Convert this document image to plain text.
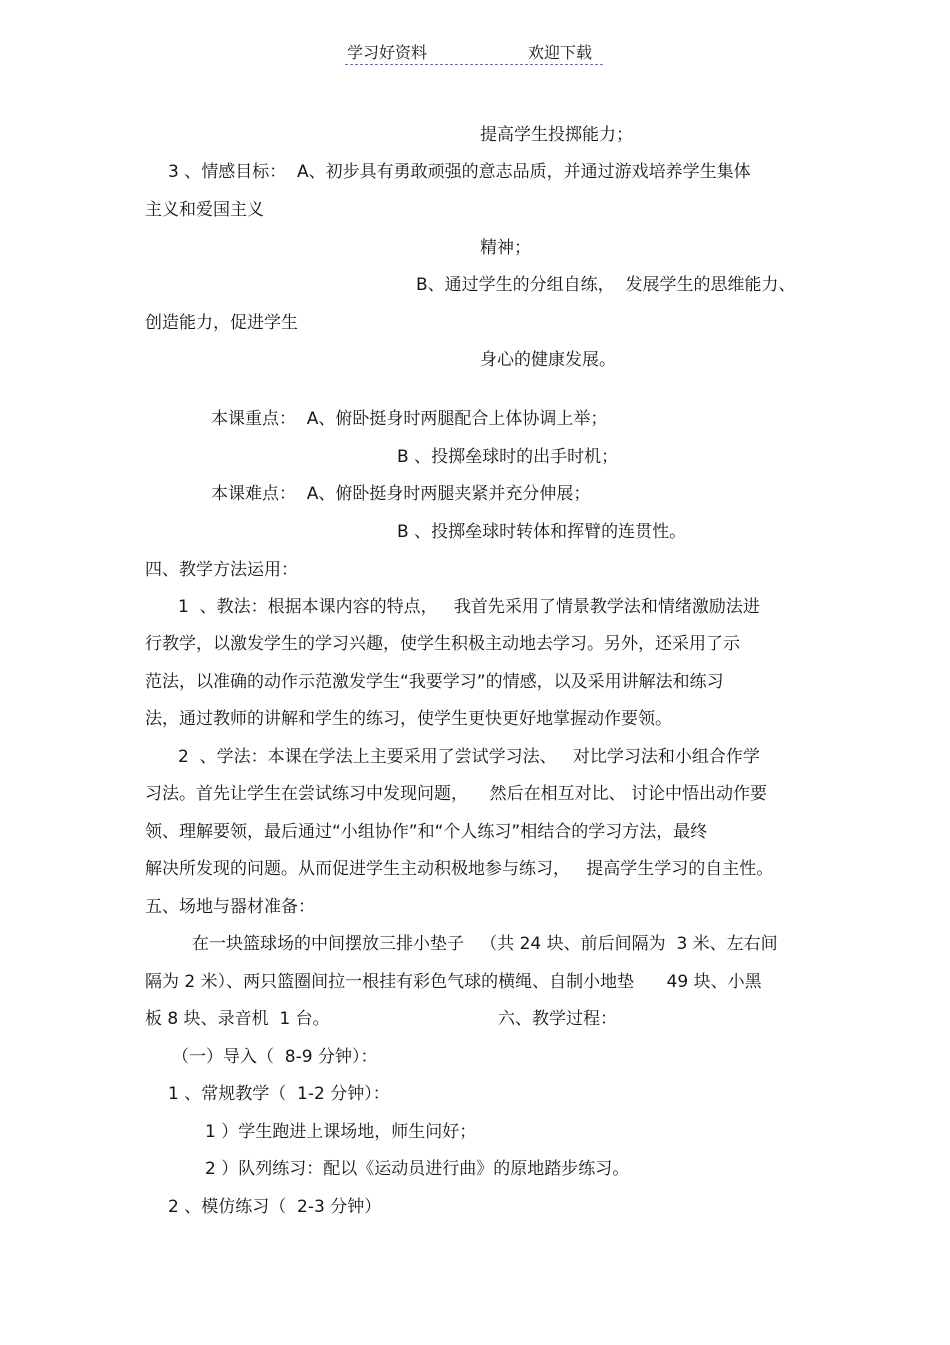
学习好资料	欢迎下载
提高学生投掷能力；
3 、情感目标：  A、初步具有勇敢顽强的意志品质，并通过游戏培养学生集体
主义和爱国主义
精神；
B、通过学生的分组自练，  发展学生的思维能力、
创造能力，促进学生
身心的健康发展。
本课重点：  A、俯卧挺身时两腿配合上体协调上举；
B 、投掷垒球时的出手时机；
本课难点：  A、俯卧挺身时两腿夹紧并充分伸展；
B 、投掷垒球时转体和挥臂的连贯性。
四、教学方法运用：
1  、教法：根据本课内容的特点，   我首先采用了情景教学法和情绪激励法进
行教学，以激发学生的学习兴趣，使学生积极主动地去学习。另外，还采用了示
范法，以准确的动作示范激发学生“我要学习”的情感，以及采用讲解法和练习
法，通过教师的讲解和学生的练习，使学生更快更好地掌握动作要领。
2  、学法：本课在学法上主要采用了尝试学习法、   对比学习法和小组合作学
习法。首先让学生在尝试练习中发现问题，    然后在相互对比、 讨论中悟出动作要
领、理解要领，最后通过“小组协作”和“个人练习”相结合的学习方法，最终
解决所发现的问题。从而促进学生主动积极地参与练习，   提高学生学习的自主性。
五、场地与器材准备：
在一块篮球场的中间摆放三排小垫子   （共 24 块、前后间隔为  3 米、左右间
隔为 2 米）、两只篮圈间拉一根挂有彩色气球的横绳、自制小地垫      49 块、小黑
板 8 块、录音机  1 台。	六、教学过程：
（一）导入（  8-9 分钟）：
1 、常规教学（  1-2 分钟）：
1 ）学生跑进上课场地，师生问好；
2 ）队列练习：配以《运动员进行曲》的原地踏步练习。
2 、模仿练习（  2-3 分钟）
